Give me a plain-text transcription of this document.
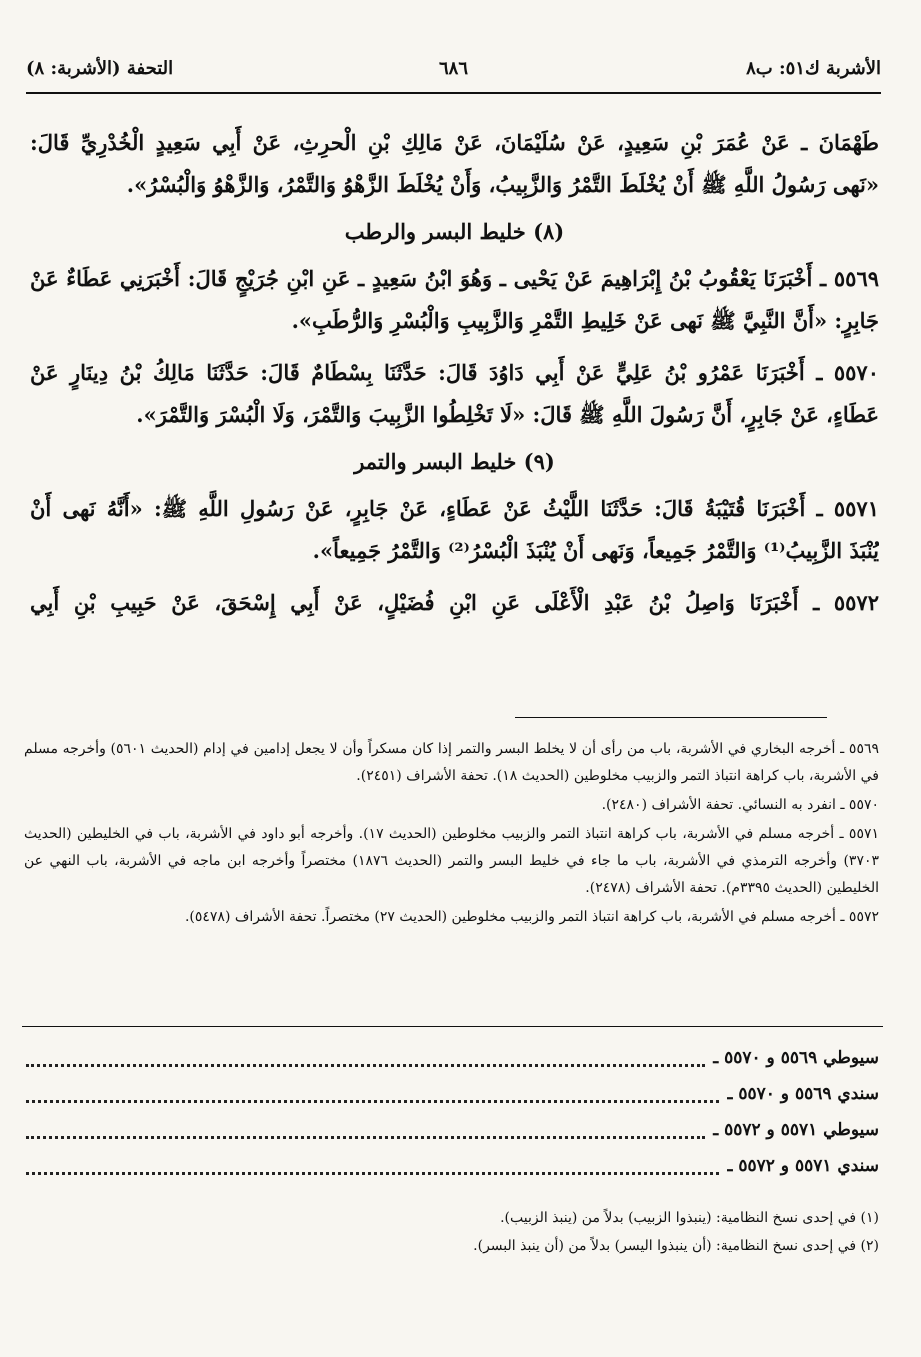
الأشربة ك٥١: ب٨
٦٨٦
التحفة (الأشربة: ٨)
طَهْمَانَ ـ عَنْ عُمَرَ بْنِ سَعِيدٍ، عَنْ سُلَيْمَانَ، عَنْ مَالِكِ بْنِ الْحرِثِ، عَنْ أَبِي سَعِيدٍ الْخُدْرِيِّ قَالَ:
«نَهى رَسُولُ اللَّهِ ﷺ أَنْ يُخْلَطَ التَّمْرُ وَالزَّبِيبُ، وَأَنْ يُخْلَطَ الزَّهْوُ وَالتَّمْرُ، وَالزَّهْوُ وَالْبُسْرُ».
(٨) خليط البسر والرطب
٥٥٦٩ ـ أَخْبَرَنَا يَعْقُوبُ بْنُ إِبْرَاهِيمَ عَنْ يَحْيى ـ وَهُوَ ابْنُ سَعِيدٍ ـ عَنِ ابْنِ جُرَيْجٍ قَالَ: أَخْبَرَنِي عَطَاءٌ عَنْ
جَابِرٍ: «أَنَّ النَّبِيَّ ﷺ نَهى عَنْ خَلِيطِ التَّمْرِ وَالزَّبِيبِ وَالْبُسْرِ وَالرُّطَبِ».
٥٥٧٠ ـ أَخْبَرَنَا عَمْرُو بْنُ عَلِيٍّ عَنْ أَبِي دَاوُدَ قَالَ: حَدَّثَنَا بِسْطَامٌ قَالَ: حَدَّثَنَا مَالِكُ بْنُ دِينَارٍ عَنْ
عَطَاءٍ، عَنْ جَابِرٍ، أَنَّ رَسُولَ اللَّهِ ﷺ قَالَ: «لَا تَخْلِطُوا الزَّبِيبَ وَالتَّمْرَ، وَلَا الْبُسْرَ وَالتَّمْرَ».
(٩) خليط البسر والتمر
٥٥٧١ ـ أَخْبَرَنَا قُتَيْبَةُ قَالَ: حَدَّثَنَا اللَّيْثُ عَنْ عَطَاءٍ، عَنْ جَابِرٍ، عَنْ رَسُولِ اللَّهِ ﷺ: «أَنَّهُ نَهى أَنْ
يُنْبَذَ الزَّبِيبُ⁽¹⁾ وَالتَّمْرُ جَمِيعاً، وَنَهى أَنْ يُنْبَذَ الْبُسْرُ⁽²⁾ وَالتَّمْرُ جَمِيعاً».
٥٥٧٢ ـ أَخْبَرَنَا وَاصِلُ بْنُ عَبْدِ الْأَعْلَى عَنِ ابْنِ فُضَيْلٍ، عَنْ أَبِي إِسْحَقَ، عَنْ حَبِيبِ بْنِ أَبِي
٥٥٦٩ ـ أخرجه البخاري في الأشربة، باب من رأى أن لا يخلط البسر والتمر إذا كان مسكراً وأن لا يجعل إدامين في إدام (الحديث ٥٦٠١) وأخرجه مسلم في الأشربة، باب كراهة انتباذ التمر والزبيب مخلوطين (الحديث ١٨). تحفة الأشراف (٢٤٥١).
٥٥٧٠ ـ انفرد به النسائي. تحفة الأشراف (٢٤٨٠).
٥٥٧١ ـ أخرجه مسلم في الأشربة، باب كراهة انتباذ التمر والزبيب مخلوطين (الحديث ١٧). وأخرجه أبو داود في الأشربة، باب في الخليطين (الحديث ٣٧٠٣) وأخرجه الترمذي في الأشربة، باب ما جاء في خليط البسر والتمر (الحديث ١٨٧٦) مختصراً وأخرجه ابن ماجه في الأشربة، باب النهي عن الخليطين (الحديث ٣٣٩٥م). تحفة الأشراف (٢٤٧٨).
٥٥٧٢ ـ أخرجه مسلم في الأشربة، باب كراهة انتباذ التمر والزبيب مخلوطين (الحديث ٢٧) مختصراً. تحفة الأشراف (٥٤٧٨).
سيوطي ٥٥٦٩ و ٥٥٧٠ ـ
سندي ٥٥٦٩ و ٥٥٧٠ ـ
سيوطي ٥٥٧١ و ٥٥٧٢ ـ
سندي ٥٥٧١ و ٥٥٧٢ ـ
(١) في إحدى نسخ النظامية: (ينبذوا الزبيب) بدلاً من (ينبذ الزبيب).
(٢) في إحدى نسخ النظامية: (أن ينبذوا اليسر) بدلاً من (أن ينبذ البسر).
